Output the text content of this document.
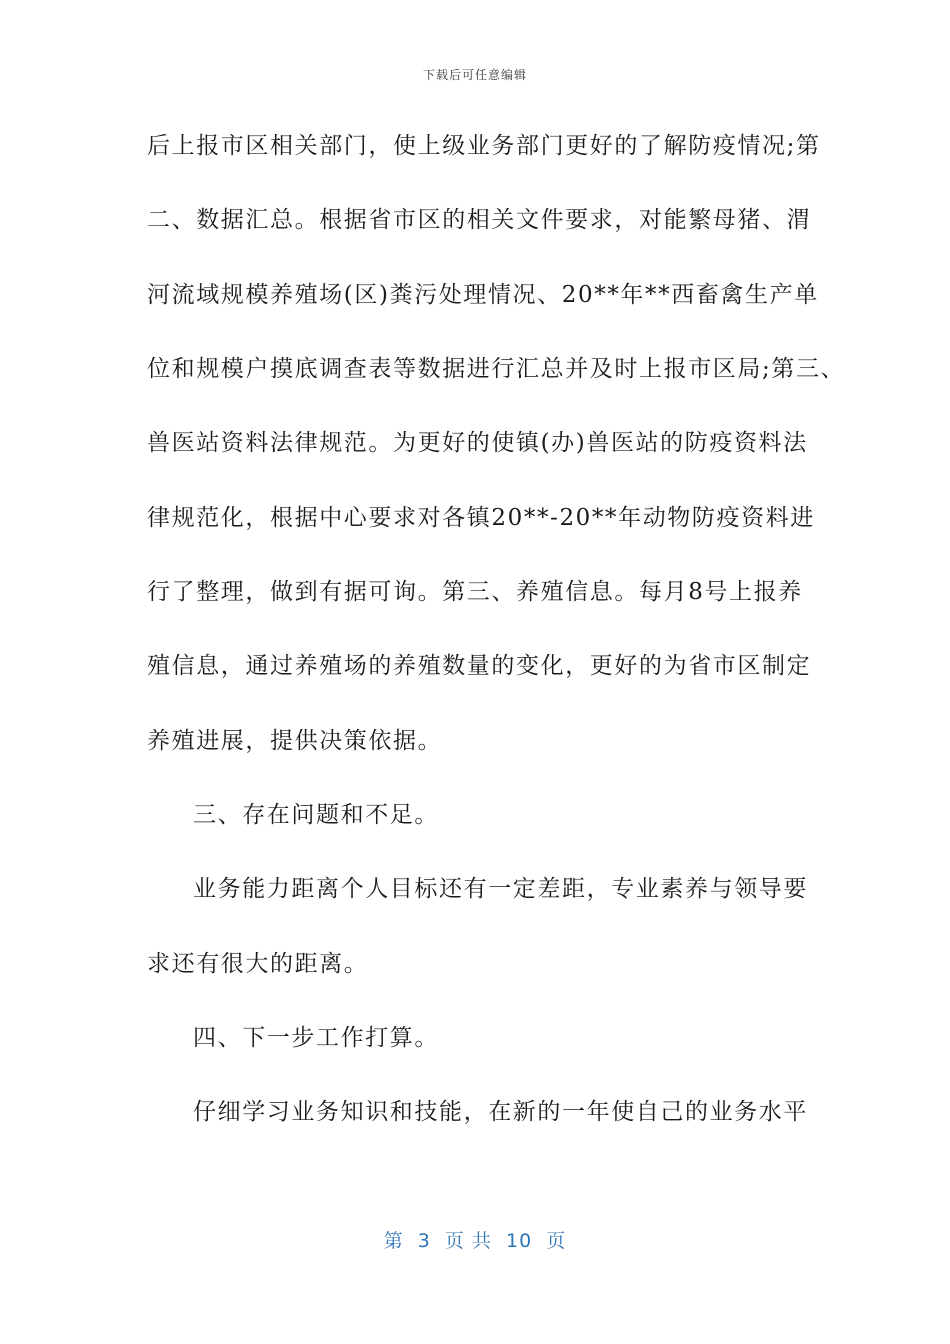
下载后可任意编辑
后上报市区相关部门，使上级业务部门更好的了解防疫情况;第
二、数据汇总。根据省市区的相关文件要求，对能繁母猪、渭
河流域规模养殖场(区)粪污处理情况、20**年**西畜禽生产单
位和规模户摸底调查表等数据进行汇总并及时上报市区局;第三、
兽医站资料法律规范。为更好的使镇(办)兽医站的防疫资料法
律规范化，根据中心要求对各镇20**-20**年动物防疫资料进
行了整理，做到有据可询。第三、养殖信息。每月8号上报养
殖信息，通过养殖场的养殖数量的变化，更好的为省市区制定
养殖进展，提供决策依据。
三、存在问题和不足。
业务能力距离个人目标还有一定差距，专业素养与领导要
求还有很大的距离。
四、下一步工作打算。
仔细学习业务知识和技能，在新的一年使自己的业务水平
第  3  页 共  10  页
